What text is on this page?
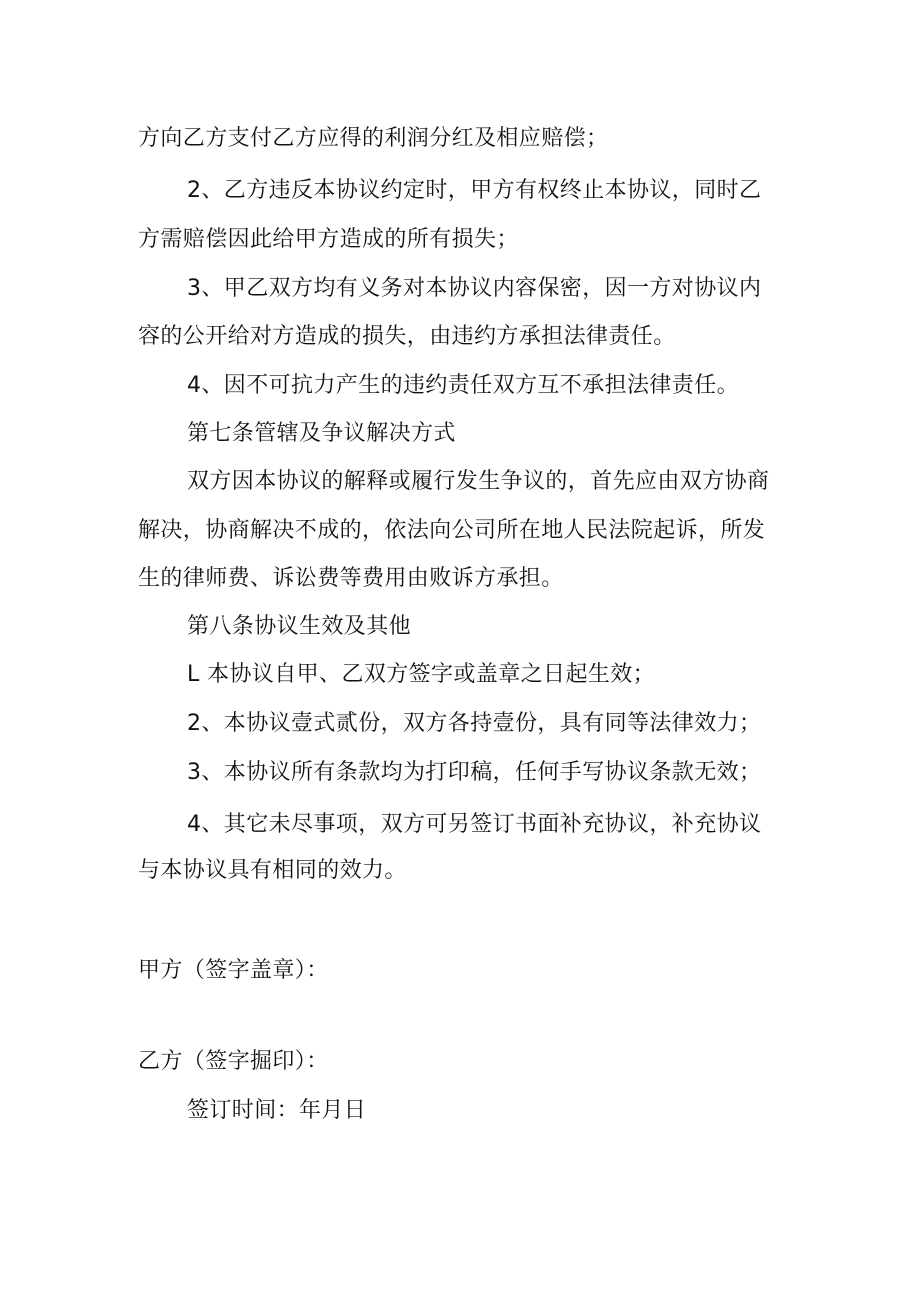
方向乙方支付乙方应得的利润分红及相应赔偿；
2、乙方违反本协议约定时，甲方有权终止本协议，同时乙
方需赔偿因此给甲方造成的所有损失；
3、甲乙双方均有义务对本协议内容保密，因一方对协议内
容的公开给对方造成的损失，由违约方承担法律责任。
4、因不可抗力产生的违约责任双方互不承担法律责任。
第七条管辖及争议解决方式
双方因本协议的解释或履行发生争议的，首先应由双方协商
解决，协商解决不成的，依法向公司所在地人民法院起诉，所发
生的律师费、诉讼费等费用由败诉方承担。
第八条协议生效及其他
L 本协议自甲、乙双方签字或盖章之日起生效；
2、本协议壹式贰份，双方各持壹份，具有同等法律效力；
3、本协议所有条款均为打印稿，任何手写协议条款无效；
4、其它未尽事项，双方可另签订书面补充协议，补充协议
与本协议具有相同的效力。
甲方（签字盖章）：
乙方（签字掘印）：
签订时间：年月日
